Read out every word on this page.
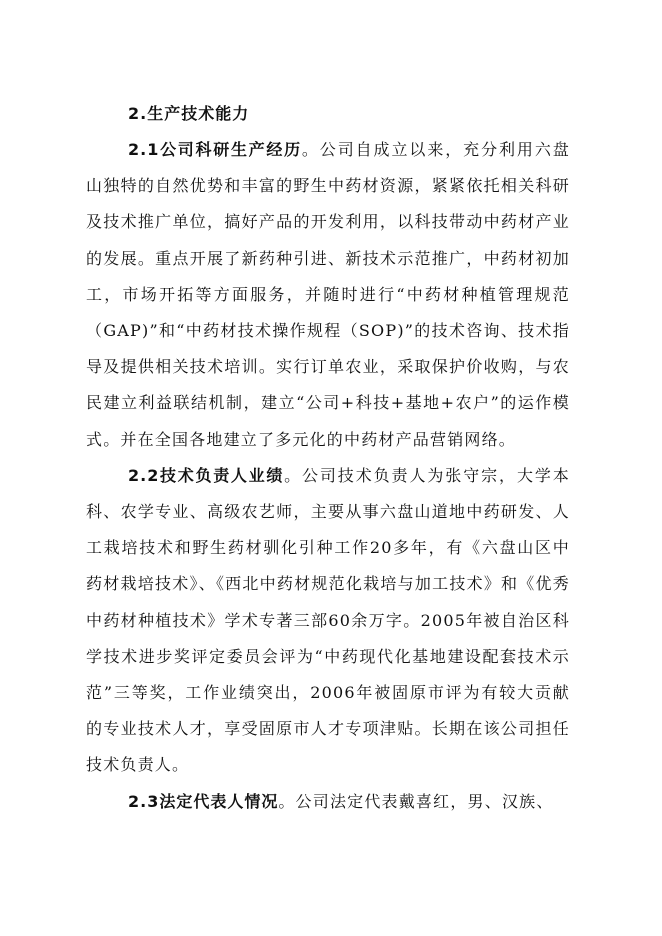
2.生产技术能力

2.1公司科研生产经历。公司自成立以来，充分利用六盘山独特的自然优势和丰富的野生中药材资源，紧紧依托相关科研及技术推广单位，搞好产品的开发利用，以科技带动中药材产业的发展。重点开展了新药种引进、新技术示范推广，中药材初加工，市场开拓等方面服务，并随时进行“中药材种植管理规范（GAP)”和“中药材技术操作规程（SOP)”的技术咨询、技术指导及提供相关技术培训。实行订单农业，采取保护价收购，与农民建立利益联结机制，建立“公司+科技+基地+农户”的运作模式。并在全国各地建立了多元化的中药材产品营销网络。

2.2技术负责人业绩。公司技术负责人为张守宗，大学本科、农学专业、高级农艺师，主要从事六盘山道地中药研发、人工栽培技术和野生药材驯化引种工作20多年，有《六盘山区中药材栽培技术》、《西北中药材规范化栽培与加工技术》和《优秀中药材种植技术》学术专著三部60余万字。2005年被自治区科学技术进步奖评定委员会评为“中药现代化基地建设配套技术示范”三等奖，工作业绩突出，2006年被固原市评为有较大贡献的专业技术人才，享受固原市人才专项津贴。长期在该公司担任技术负责人。

2.3法定代表人情况。公司法定代表戴喜红，男、汉族、
